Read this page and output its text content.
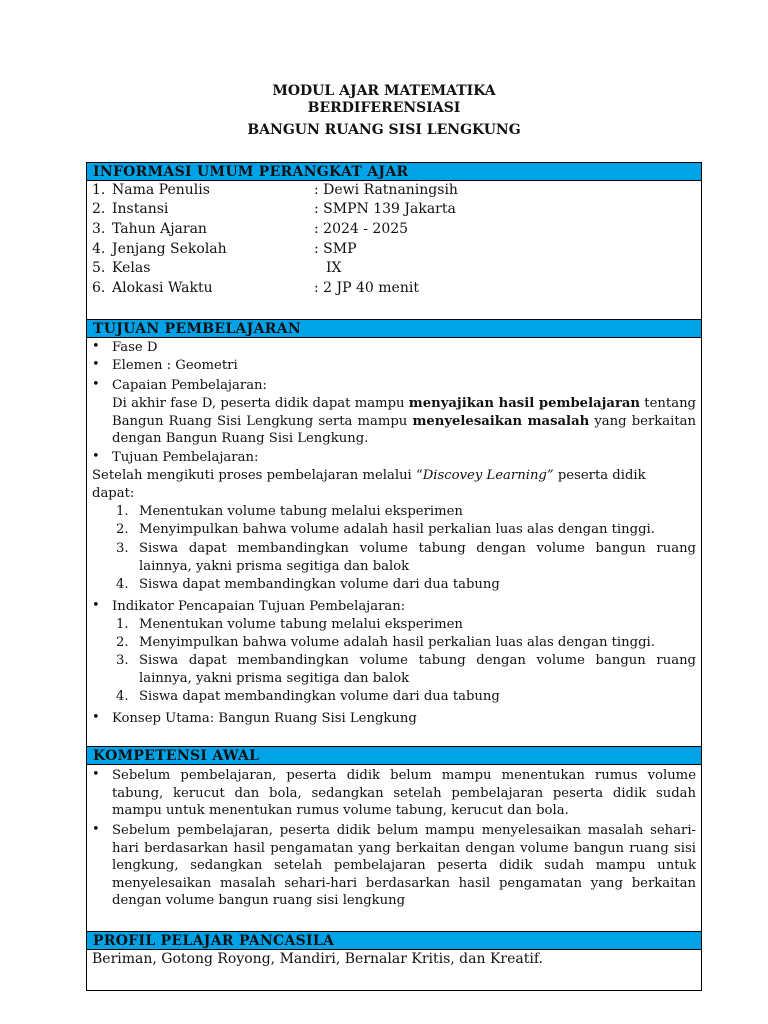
MODUL AJAR MATEMATIKA
BERDIFERENSIASI
BANGUN RUANG SISI LENGKUNG
INFORMASI UMUM PERANGKAT AJAR
1. Nama Penulis	: Dewi Ratnaningsih
2. Instansi	: SMPN 139 Jakarta
3. Tahun Ajaran	: 2024 - 2025
4. Jenjang Sekolah	: SMP
5. Kelas	IX
6. Alokasi Waktu	: 2 JP 40 menit
TUJUAN PEMBELAJARAN
• Fase D
• Elemen : Geometri
• Capaian Pembelajaran:
Di akhir fase D, peserta didik dapat mampu menyajikan hasil pembelajaran tentang Bangun Ruang Sisi Lengkung serta mampu menyelesaikan masalah yang berkaitan dengan Bangun Ruang Sisi Lengkung.
• Tujuan Pembelajaran:
Setelah mengikuti proses pembelajaran melalui “Discovey Learning” peserta didik
dapat:
1. Menentukan volume tabung melalui eksperimen
2. Menyimpulkan bahwa volume adalah hasil perkalian luas alas dengan tinggi.
3. Siswa dapat membandingkan volume tabung dengan volume bangun ruang lainnya, yakni prisma segitiga dan balok
4. Siswa dapat membandingkan volume dari dua tabung
• Indikator Pencapaian Tujuan Pembelajaran:
1. Menentukan volume tabung melalui eksperimen
2. Menyimpulkan bahwa volume adalah hasil perkalian luas alas dengan tinggi.
3. Siswa dapat membandingkan volume tabung dengan volume bangun ruang lainnya, yakni prisma segitiga dan balok
4. Siswa dapat membandingkan volume dari dua tabung
• Konsep Utama: Bangun Ruang Sisi Lengkung
KOMPETENSI AWAL
• Sebelum pembelajaran, peserta didik belum mampu menentukan rumus volume tabung, kerucut dan bola, sedangkan setelah pembelajaran peserta didik sudah mampu untuk menentukan rumus volume tabung, kerucut dan bola.
• Sebelum pembelajaran, peserta didik belum mampu menyelesaikan masalah sehari-hari berdasarkan hasil pengamatan yang berkaitan dengan volume bangun ruang sisi lengkung, sedangkan setelah pembelajaran peserta didik sudah mampu untuk menyelesaikan masalah sehari-hari berdasarkan hasil pengamatan yang berkaitan dengan volume bangun ruang sisi lengkung
PROFIL PELAJAR PANCASILA
Beriman, Gotong Royong, Mandiri, Bernalar Kritis, dan Kreatif.
